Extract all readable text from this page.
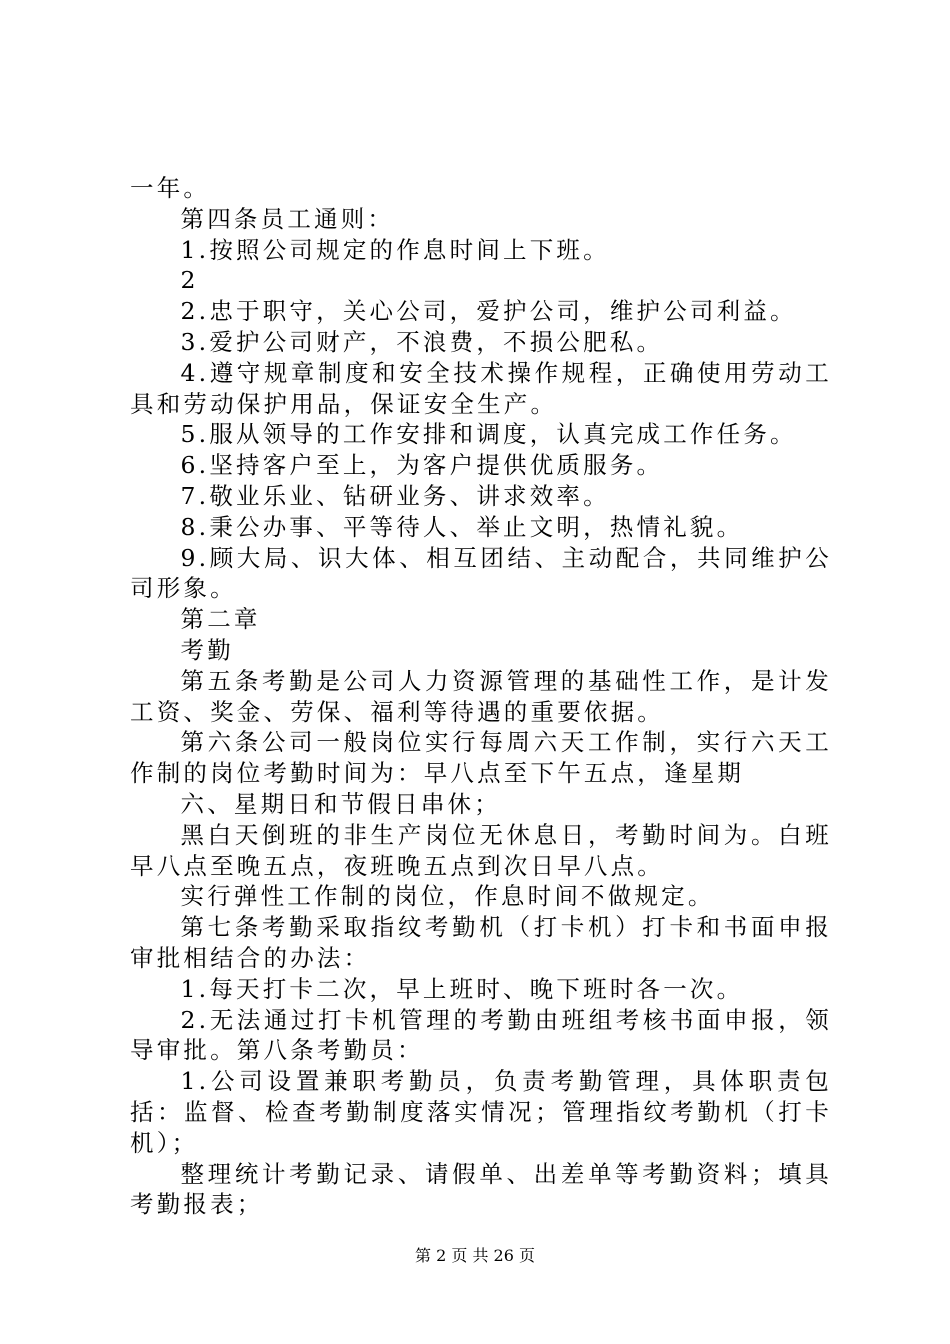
一年。

第四条员工通则：

1.按照公司规定的作息时间上下班。

2

2.忠于职守，关心公司，爱护公司，维护公司利益。

3.爱护公司财产，不浪费，不损公肥私。

4.遵守规章制度和安全技术操作规程，正确使用劳动工具和劳动保护用品，保证安全生产。

5.服从领导的工作安排和调度，认真完成工作任务。

6.坚持客户至上，为客户提供优质服务。

7.敬业乐业、钻研业务、讲求效率。

8.秉公办事、平等待人、举止文明，热情礼貌。

9.顾大局、识大体、相互团结、主动配合，共同维护公司形象。

第二章

考勤

第五条考勤是公司人力资源管理的基础性工作，是计发工资、奖金、劳保、福利等待遇的重要依据。

第六条公司一般岗位实行每周六天工作制，实行六天工作制的岗位考勤时间为：早八点至下午五点，逢星期

六、星期日和节假日串休；

黑白天倒班的非生产岗位无休息日，考勤时间为。白班早八点至晚五点，夜班晚五点到次日早八点。

实行弹性工作制的岗位，作息时间不做规定。

第七条考勤采取指纹考勤机（打卡机）打卡和书面申报审批相结合的办法：

1.每天打卡二次，早上班时、晚下班时各一次。

2.无法通过打卡机管理的考勤由班组考核书面申报，领导审批。第八条考勤员：

1.公司设置兼职考勤员，负责考勤管理，具体职责包括：监督、检查考勤制度落实情况；管理指纹考勤机（打卡机）；

整理统计考勤记录、请假单、出差单等考勤资料；填具考勤报表；

第 2 页 共 26 页
